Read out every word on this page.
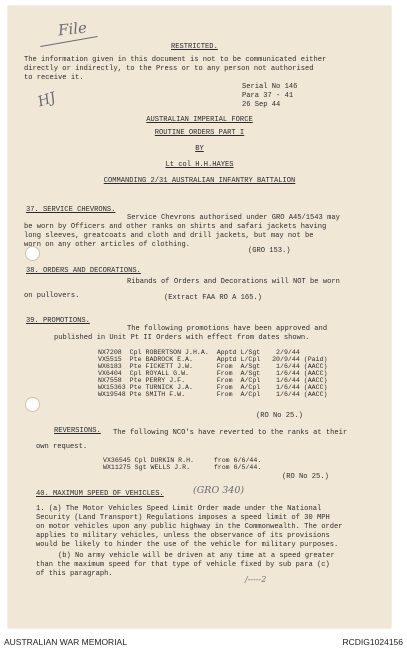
File
HJ
RESTRICTED.
The information given in this document is not to be communicated either
directly or indirectly, to the Press or to any person not authorised
to receive it.
Serial No 146
Para 37 - 41
26 Sep 44
AUSTRALIAN IMPERIAL FORCE
ROUTINE ORDERS PART I
BY
Lt col H.H.HAYES
COMMANDING 2/31 AUSTRALIAN INFANTRY BATTALION
37. SERVICE CHEVRONS.
Service Chevrons authorised under GRO A45/1543 may
be worn by Officers and other ranks on shirts and safari jackets having
long sleeves, greatcoats and cloth and drill jackets, but may not be
worn on any other articles of clothing.
(GRO 153.)
38. ORDERS AND DECORATIONS.
Ribands of Orders and Decorations will NOT be worn
on pullovers.	(Extract FAA RO A 165.)
39. PROMOTIONS.
The following promotions have been approved and
published in Unit Pt II Orders with effect from dates shown.
NX7208  Cpl ROBERTSON J.H.A.  Apptd L/Sgt    2/9/44
VX5515  Pte BADROCK E.A.      Apptd L/Cpl   20/9/44 (Paid)
WX6183  Pte FICKETT J.W.      From  A/Sgt    1/6/44 (AACC)
VX6404  Cpl ROYALL G.W.       From  A/Sgt    1/6/44 (AACC)
NX7558  Pte PERRY J.F.        From  A/Cpl    1/6/44 (AACC)
WX15363 Pte TURNICK J.A.      From  A/Cpl    1/6/44 (AACC)
WX19548 Pte SMITH F.W.        From  A/Cpl    1/6/44 (AACC)
(RO No 25.)
REVERSIONS. The following NCO's have reverted to the ranks at their
own request.
VX36545 Cpl DURKIN R.H.     from 6/6/44.
WX11275 Sgt WELLS J.R.      from 6/5/44.
(RO No 25.)
40. MAXIMUM SPEED OF VEHICLES.	(GRO 340)
1. (a) The Motor Vehicles Speed Limit Order made under the National
Security (Land Transport) Regulations imposes a speed limit of 30 MPH
on motor vehicles upon any public highway in the Commonwealth. The order
applies to military vehicles, unless the observance of its provisions
would be likely to hinder the use of the vehicle for military purposes.
(b) No army vehicle will be driven at any time at a speed greater
than the maximum speed for that type of vehicle fixed by sub para (c)
of this paragraph.
/-----2
AUSTRALIAN WAR MEMORIAL	RCDIG1024156
